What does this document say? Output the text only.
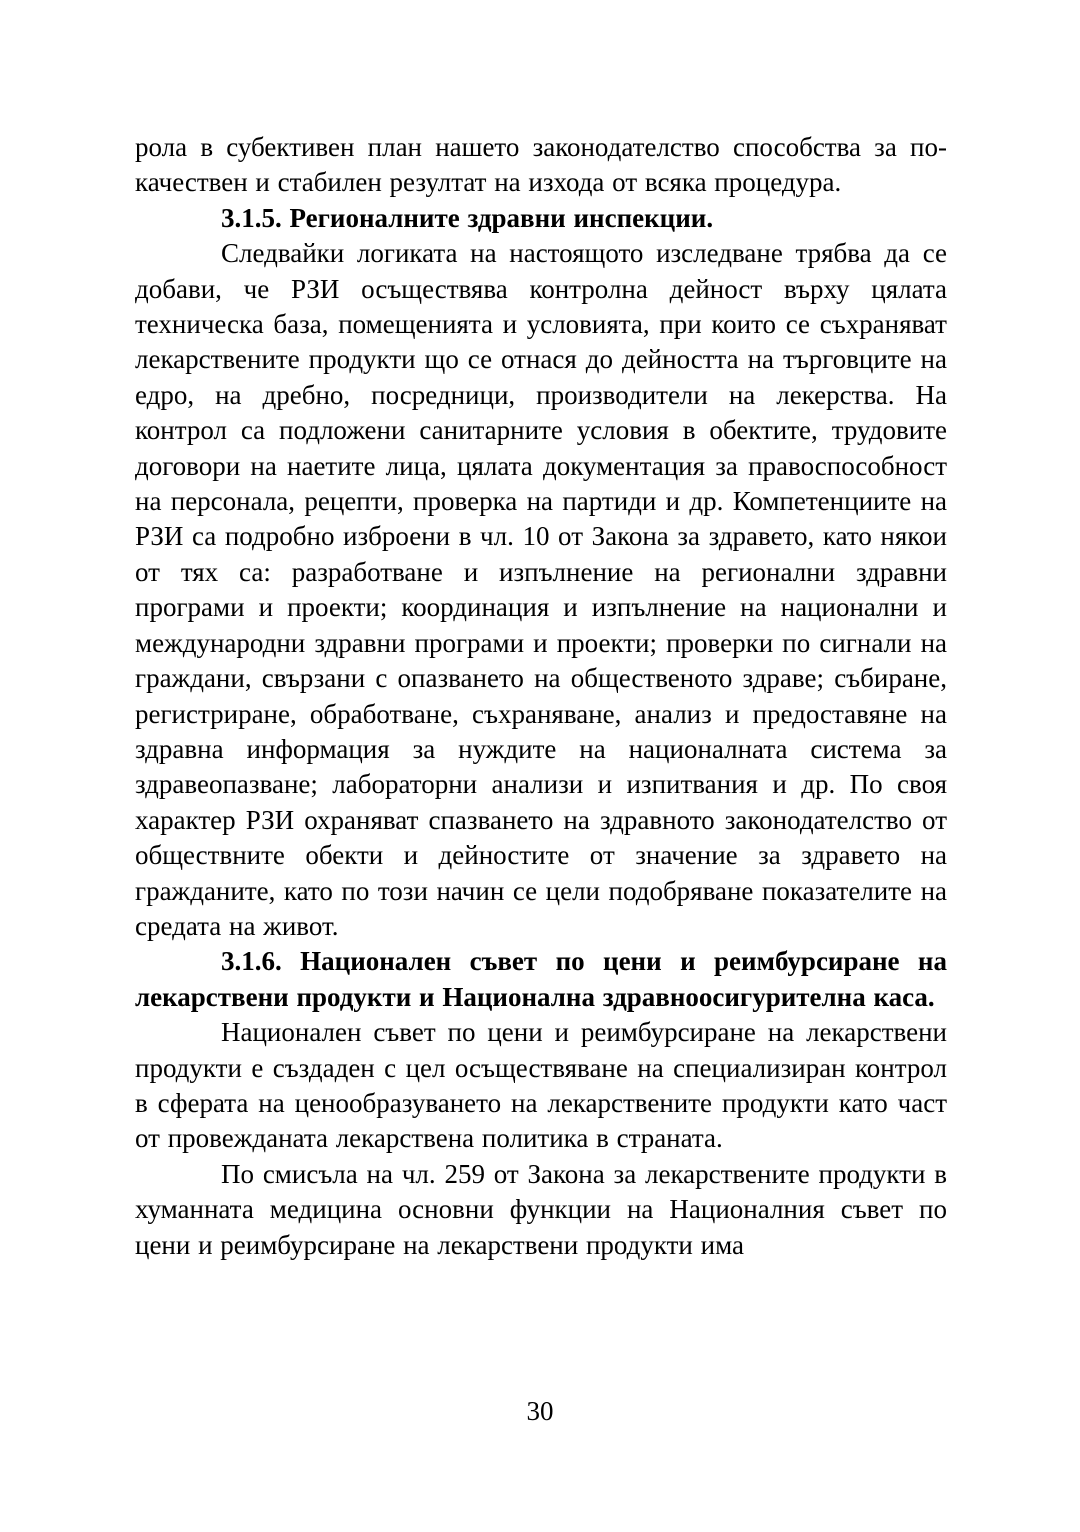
рола в субективен план нашето законодателство способства за по-качествен и стабилен резултат на изхода от всяка процедура.

3.1.5. Регионалните здравни инспекции.

Следвайки логиката на настоящото изследване трябва да се добави, че РЗИ осъществява контролна дейност върху цялата техническа база, помещенията и условията, при които се съхраняват лекарствените продукти що се отнася до дейността на търговците на едро, на дребно, посредници, производители на лекерства. На контрол са подложени санитарните условия в обектите, трудовите договори на наетите лица, цялата документация за правоспособност на персонала, рецепти, проверка на партиди и др. Компетенциите на РЗИ са подробно изброени в чл. 10 от Закона за здравето, като някои от тях са: разработване и изпълнение на регионални здравни програми и проекти; координация и изпълнение на национални и международни здравни програми и проекти; проверки по сигнали на граждани, свързани с опазването на общественото здраве; събиране, регистриране, обработване, съхраняване, анализ и предоставяне на здравна информация за нуждите на националната система за здравеопазване; лабораторни анализи и изпитвания и др. По своя характер РЗИ охраняват спазването на здравното законодателство от обществните обекти и дейностите от значение за здравето на гражданите, като по този начин се цели подобряване показателите на средата на живот.

3.1.6. Национален съвет по цени и реимбурсиране на лекарствени продукти и Национална здравноосигурителна каса.

Национален съвет по цени и реимбурсиране на лекарствени продукти е създаден с цел осъществяване на специализиран контрол в сферата на ценообразуването на лекарствените продукти като част от провежданата лекарствена политика в страната.

По смисъла на чл. 259 от Закона за лекарствените продукти в хуманната медицина основни функции на Националния съвет по цени и реимбурсиране на лекарствени продукти има

30
